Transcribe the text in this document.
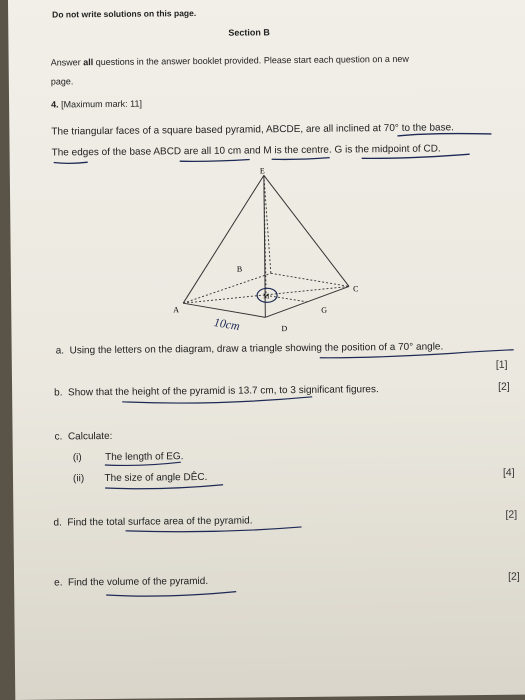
Do not write solutions on this page.
Section B
Answer all questions in the answer booklet provided. Please start each question on a new
page.
4. [Maximum mark: 11]
The triangular faces of a square based pyramid, ABCDE, are all inclined at 70° to the base.
The edges of the base ABCD are all 10 cm and M is the centre. G is the midpoint of CD.
E
B
C
A
D
M
G
10cm
a. Using the letters on the diagram, draw a triangle showing the position of a 70° angle.
[1]
b. Show that the height of the pyramid is 13.7 cm, to 3 significant figures.	[2]
c. Calculate:
(i) The length of EG.
(ii) The size of angle DÊC.	[4]
d. Find the total surface area of the pyramid.
[2]
e. Find the volume of the pyramid.	[2]
